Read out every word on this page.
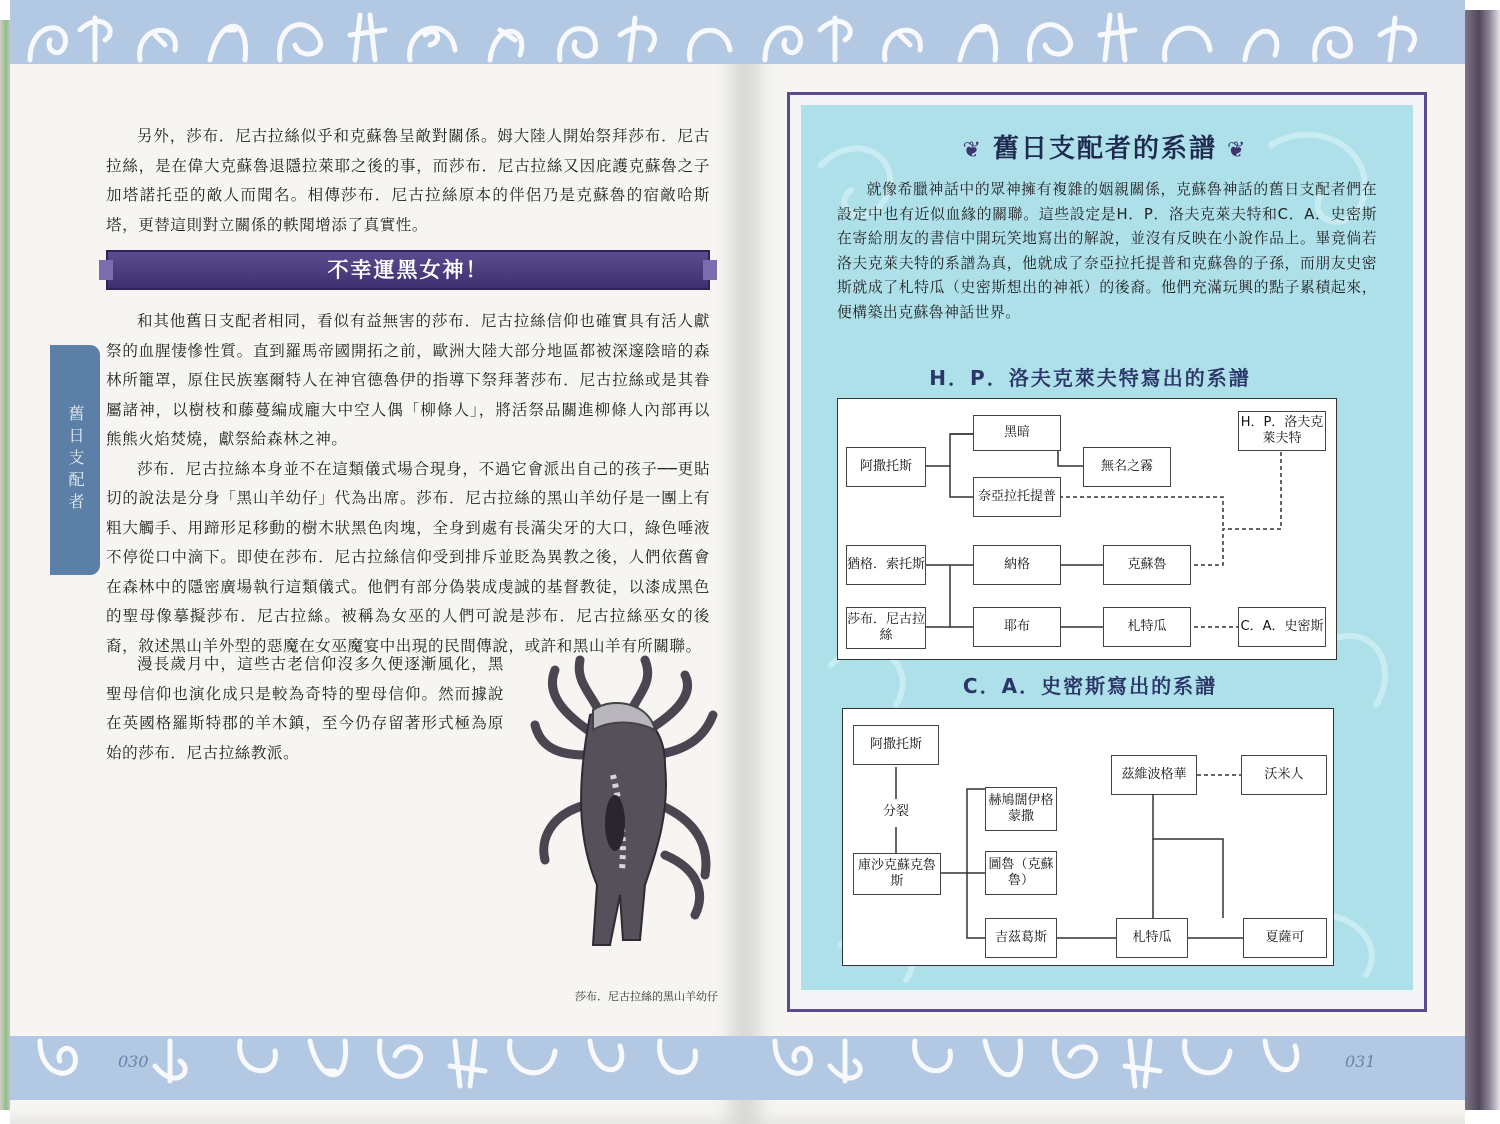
030
舊日支配者

另外，莎布．尼古拉絲似乎和克蘇魯呈敵對關係。姆大陸人開始祭拜莎布．尼古拉絲，是在偉大克蘇魯退隱拉萊耶之後的事，而莎布．尼古拉絲又因庇護克蘇魯之子加塔諾托亞的敵人而聞名。相傳莎布．尼古拉絲原本的伴侶乃是克蘇魯的宿敵哈斯塔，更替這則對立關係的軼聞增添了真實性。

不幸運黑女神！

和其他舊日支配者相同，看似有益無害的莎布．尼古拉絲信仰也確實具有活人獻祭的血腥悽慘性質。直到羅馬帝國開拓之前，歐洲大陸大部分地區都被深邃陰暗的森林所籠罩，原住民族塞爾特人在神官德魯伊的指導下祭拜著莎布．尼古拉絲或是其眷屬諸神，以樹枝和藤蔓編成龐大中空人偶「柳條人」，將活祭品關進柳條人內部再以熊熊火焰焚燒，獻祭給森林之神。

莎布．尼古拉絲本身並不在這類儀式場合現身，不過它會派出自己的孩子──更貼切的說法是分身「黑山羊幼仔」代為出席。莎布．尼古拉絲的黑山羊幼仔是一團上有粗大觸手、用蹄形足移動的樹木狀黑色肉塊，全身到處有長滿尖牙的大口，綠色唾液不停從口中滴下。即使在莎布．尼古拉絲信仰受到排斥並貶為異教之後，人們依舊會在森林中的隱密廣場執行這類儀式。他們有部分偽裝成虔誠的基督教徒，以漆成黑色的聖母像摹擬莎布．尼古拉絲。被稱為女巫的人們可說是莎布．尼古拉絲巫女的後裔，敘述黑山羊外型的惡魔在女巫魔宴中出現的民間傳說，或許和黑山羊有所關聯。

漫長歲月中，這些古老信仰沒多久便逐漸風化，黑聖母信仰也演化成只是較為奇特的聖母信仰。然而據說在英國格羅斯特郡的羊木鎮，至今仍存留著形式極為原始的莎布．尼古拉絲教派。

莎布．尼古拉絲的黑山羊幼仔
031
❦ 舊日支配者的系譜 ❦

就像希臘神話中的眾神擁有複雜的姻親關係，克蘇魯神話的舊日支配者們在設定中也有近似血緣的關聯。這些設定是H．P．洛夫克萊夫特和C．A．史密斯在寄給朋友的書信中開玩笑地寫出的解說，並沒有反映在小說作品上。畢竟倘若洛夫克萊夫特的系譜為真，他就成了奈亞拉托提普和克蘇魯的子孫，而朋友史密斯就成了札特瓜（史密斯想出的神祇）的後裔。他們充滿玩興的點子累積起來，便構築出克蘇魯神話世界。

H．P．洛夫克萊夫特寫出的系譜
阿撒托斯
黑暗
無名之霧
H．P．洛夫克萊夫特
奈亞拉托提普
猶格．索托斯	納格	克蘇魯
莎布．尼古拉絲
耶布	札特瓜	C．A．史密斯
C．A．史密斯寫出的系譜
阿撒托斯
分裂
庫沙克蘇克魯斯
赫鳩闊伊格蒙撒
圖魯（克蘇魯）
茲維波格華	沃米人
吉茲葛斯	札特瓜	夏薩可
